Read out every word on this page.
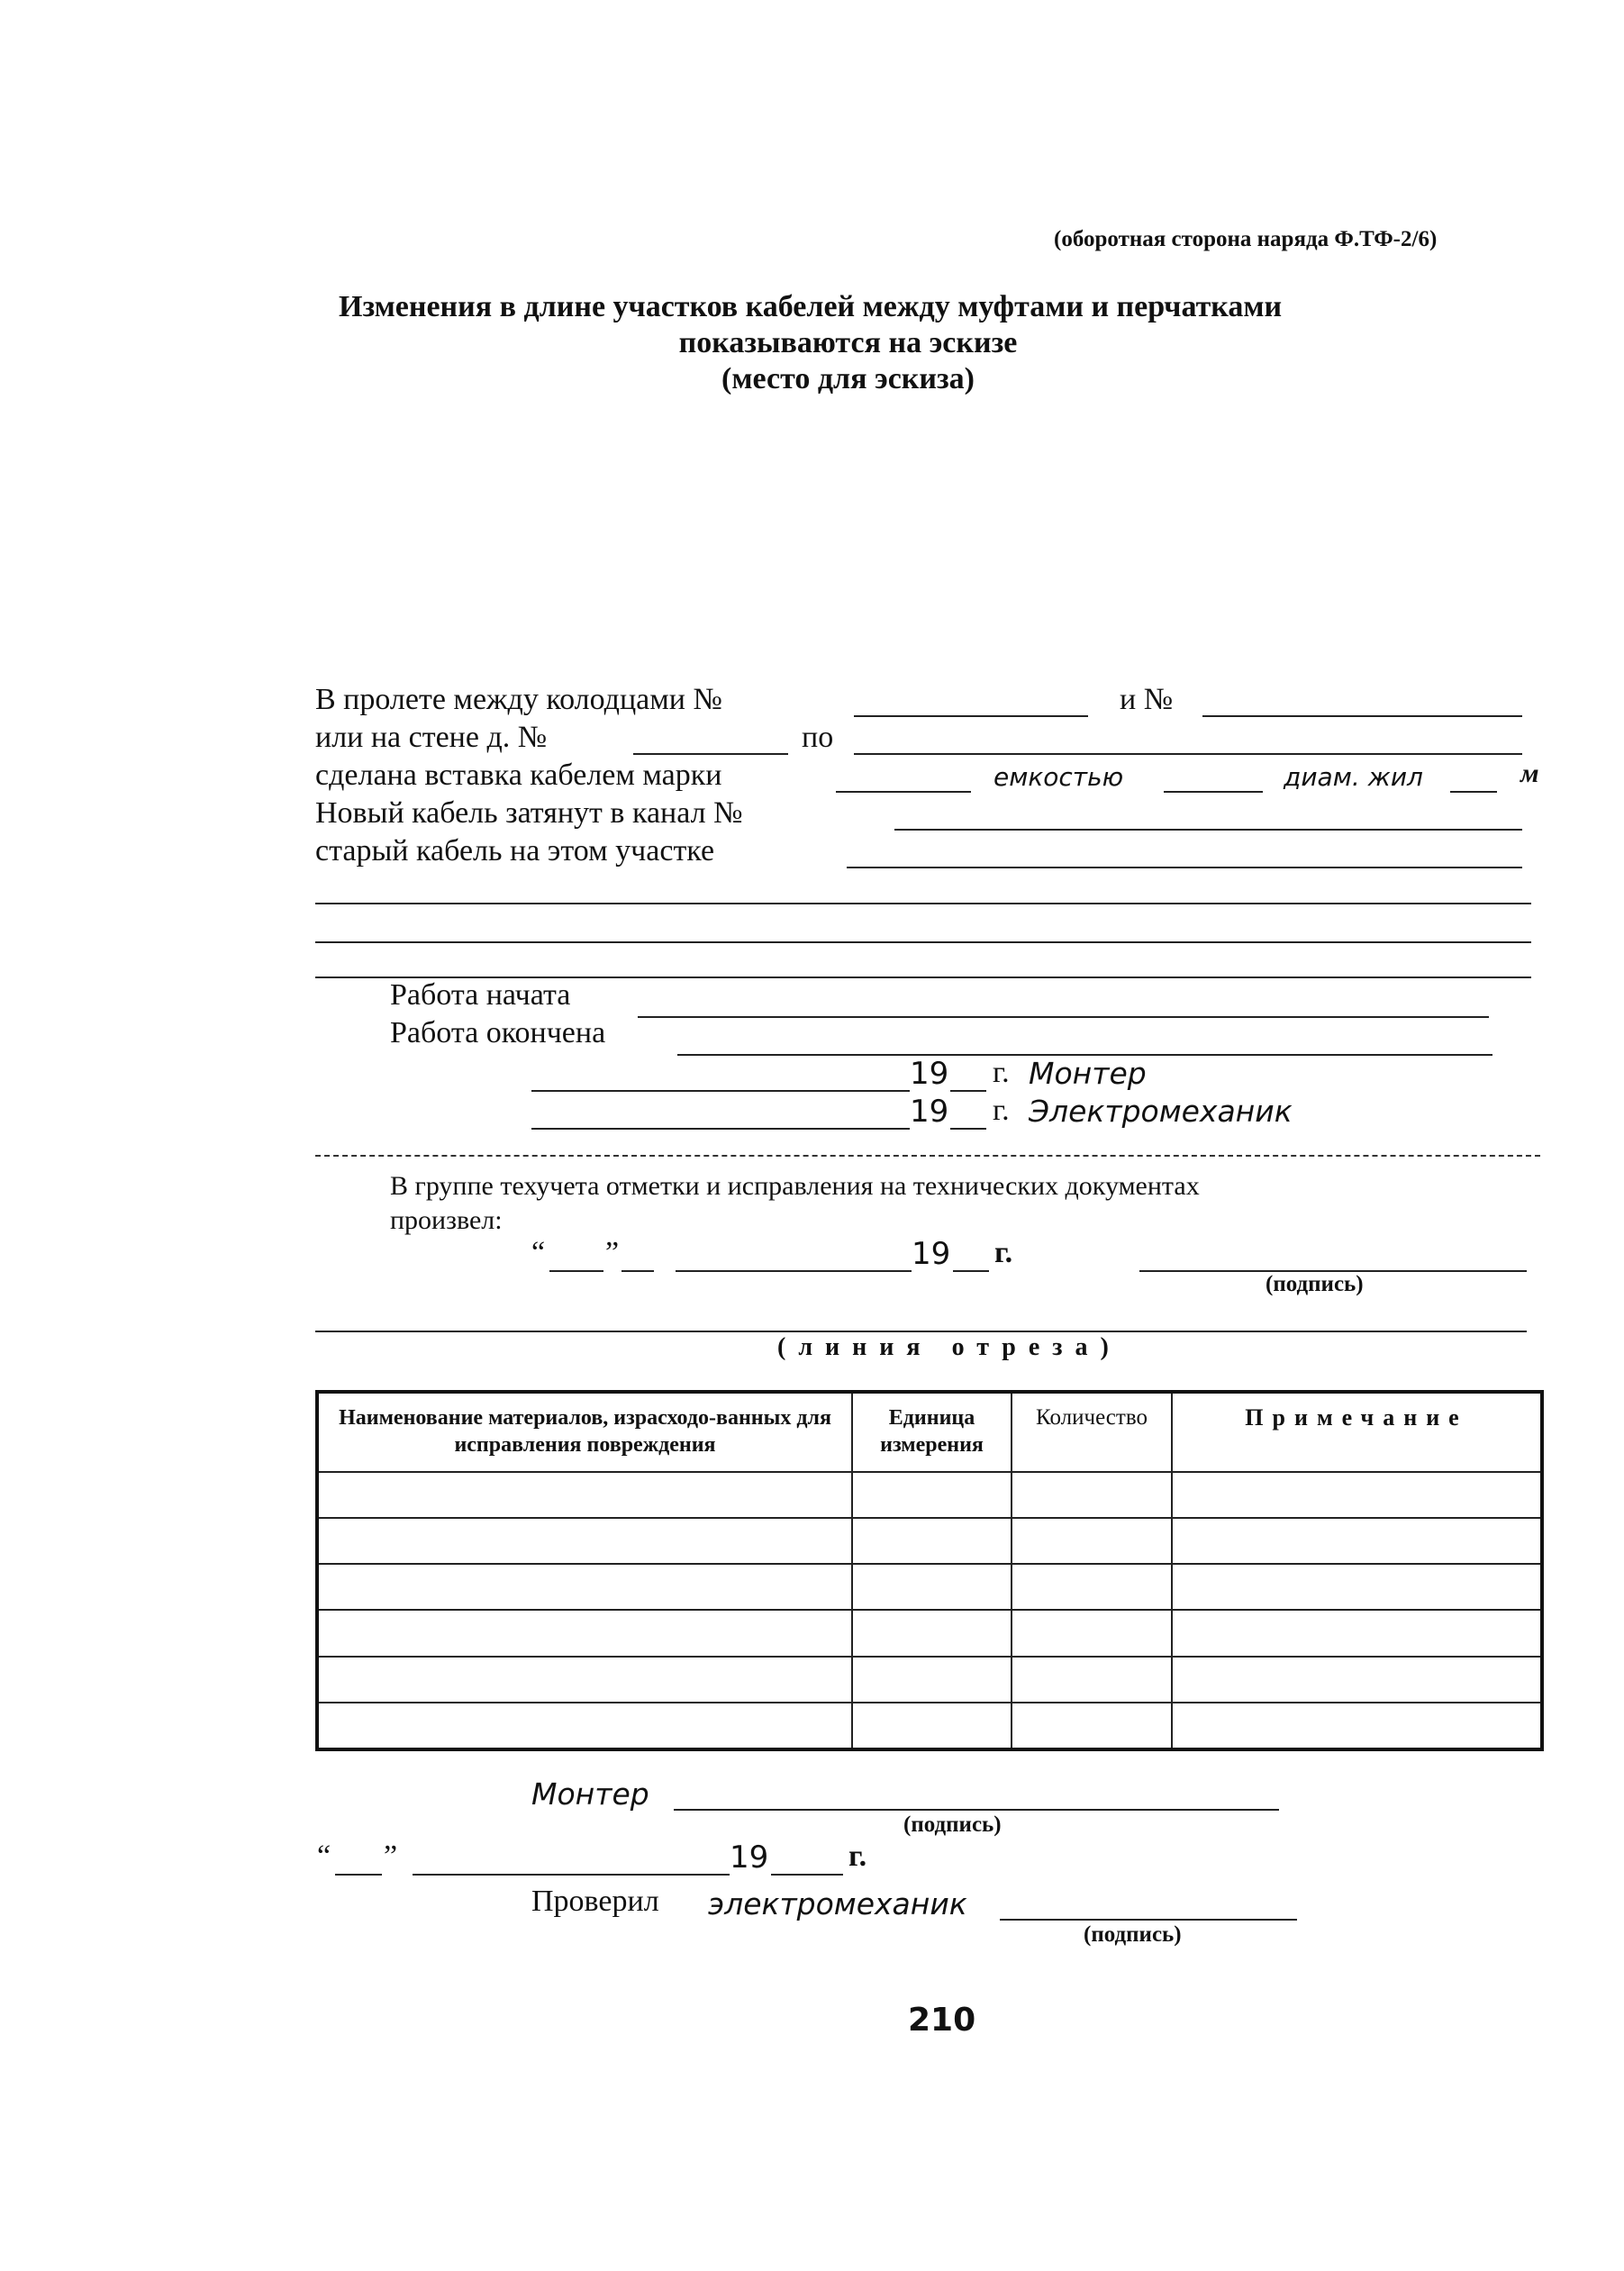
(оборотная сторона наряда Ф.ТФ-2/6)
Изменения в длине участков кабелей между муфтами и перчатками
показываются на эскизе
(место для эскиза)
В пролете между колодцами №	и №
или на стене д. №	по
сделана вставка кабелем марки	емкостью	диам. жил	м
Новый кабель затянут в канал №
старый кабель на этом участке
Работа начата
Работа окончена
19 г. Монтер
19 г. Электромеханик
В группе техучета отметки и исправления на технических документах
произвел:
“ ”	19 г.
(подпись)
(линия отреза)
Наименование материалов, израсходо-ванных для исправления повреждения	Единица измерения	Количество	Примечание

Монтер
(подпись)
“ ”	19	г.
Проверил электромеханик
(подпись)
210
